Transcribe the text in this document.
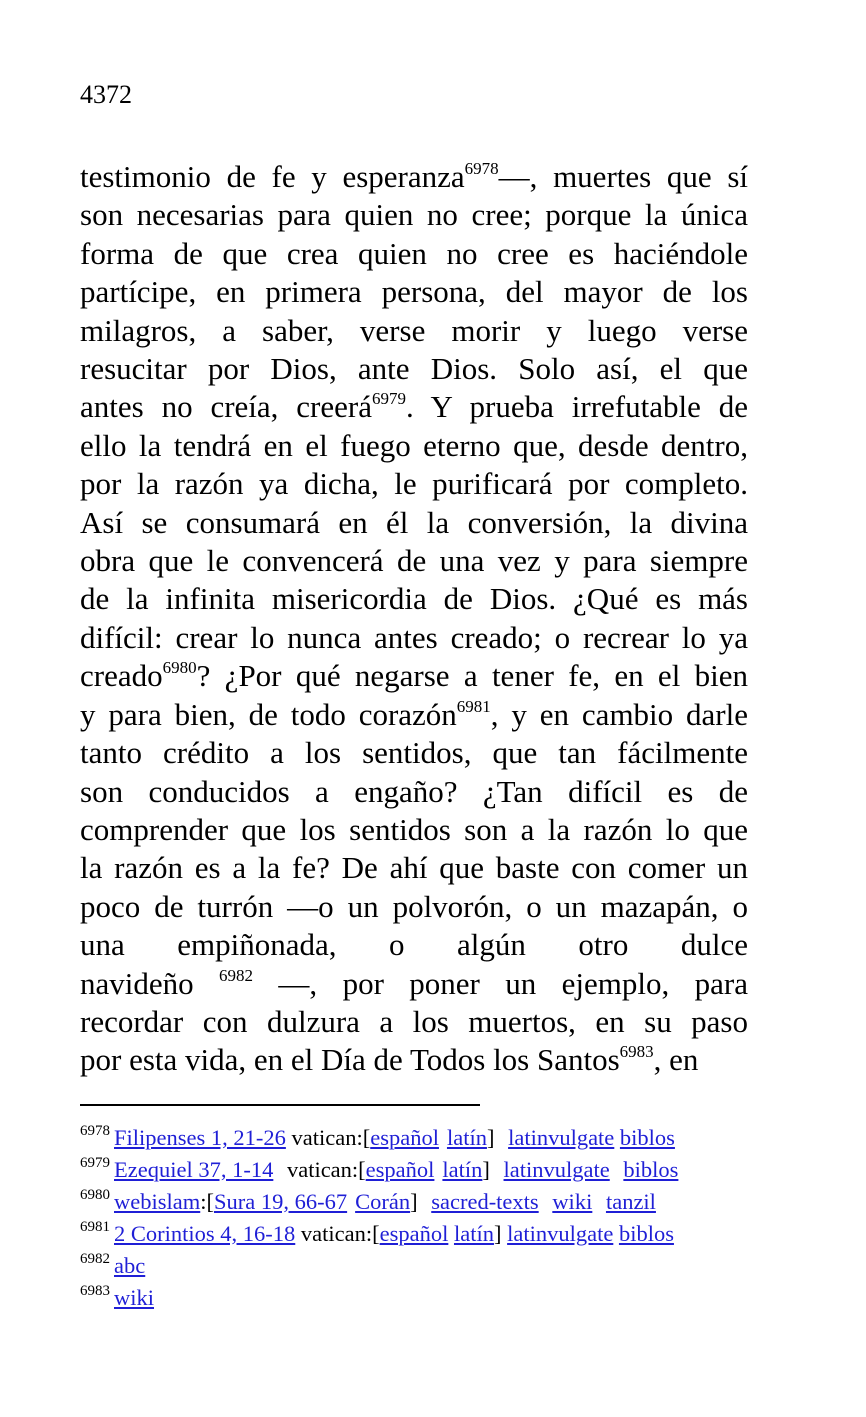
4372
testimonio de fe y esperanza$^{6978}$—, muertes que sí
son necesarias para quien no cree; porque la única
forma de que crea quien no cree es haciéndole
partícipe, en primera persona, del mayor de los
milagros, a saber, verse morir y luego verse
resucitar por Dios, ante Dios. Solo así, el que
antes no creía, creerá$^{6979}$. Y prueba irrefutable de
ello la tendrá en el fuego eterno que, desde dentro,
por la razón ya dicha, le purificará por completo.
Así se consumará en él la conversión, la divina
obra que le convencerá de una vez y para siempre
de la infinita misericordia de Dios. ¿Qué es más
difícil: crear lo nunca antes creado; o recrear lo ya
creado$^{6980}$? ¿Por qué negarse a tener fe, en el bien
y para bien, de todo corazón$^{6981}$, y en cambio darle
tanto crédito a los sentidos, que tan fácilmente
son conducidos a engaño? ¿Tan difícil es de
comprender que los sentidos son a la razón lo que
la razón es a la fe? De ahí que baste con comer un
poco de turrón —o un polvorón, o un mazapán, o
una empiñonada, o algún otro dulce
navideño $^{6982}$ —, por poner un ejemplo, para
recordar con dulzura a los muertos, en su paso
por esta vida, en el Día de Todos los Santos$^{6983}$, en
$^{6978}$ Filipenses 1, 21-26 vatican:[español latín] latinvulgate biblos
$^{6979}$ Ezequiel 37, 1-14 vatican:[español latín] latinvulgate biblos
$^{6980}$ webislam:[Sura 19, 66-67 Corán] sacred-texts wiki tanzil
$^{6981}$ 2 Corintios 4, 16-18 vatican:[español latín] latinvulgate biblos
$^{6982}$ abc
$^{6983}$ wiki
